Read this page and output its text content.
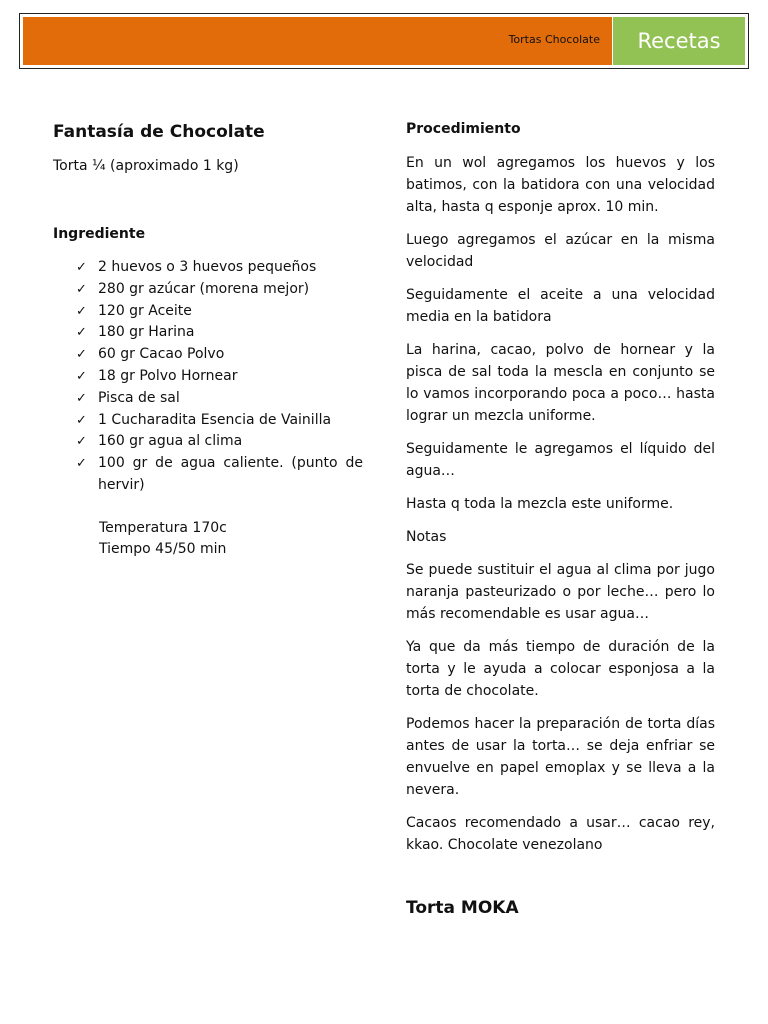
Tortas Chocolate	Recetas
Fantasía de Chocolate
Torta ¼ (aproximado 1 kg)
Ingrediente
✓ 2 huevos o 3 huevos pequeños
✓ 280 gr azúcar (morena mejor)
✓ 120 gr Aceite
✓ 180 gr Harina
✓ 60 gr Cacao Polvo
✓ 18 gr Polvo Hornear
✓ Pisca de sal
✓ 1 Cucharadita Esencia de Vainilla
✓ 160 gr agua al clima
✓ 100 gr de agua caliente. (punto de hervir)
Temperatura 170c
Tiempo 45/50 min
Procedimiento

En un wol agregamos los huevos y los batimos, con la batidora con una velocidad alta, hasta q esponje aprox. 10 min.

Luego agregamos el azúcar en la misma velocidad

Seguidamente el aceite a una velocidad media en la batidora

La harina, cacao, polvo de hornear y la pisca de sal toda la mescla en conjunto se lo vamos incorporando poca a poco… hasta lograr un mezcla uniforme.

Seguidamente le agregamos el líquido del agua…

Hasta q toda la mezcla este uniforme.

Notas

Se puede sustituir el agua al clima por jugo naranja pasteurizado o por leche… pero lo más recomendable es usar agua…

Ya que da más tiempo de duración de la torta y le ayuda a colocar esponjosa a la torta de chocolate.

Podemos hacer la preparación de torta días antes de usar la torta… se deja enfriar se envuelve en papel emoplax y se lleva a la nevera.

Cacaos recomendado a usar… cacao rey, kkao. Chocolate venezolano

Torta MOKA
